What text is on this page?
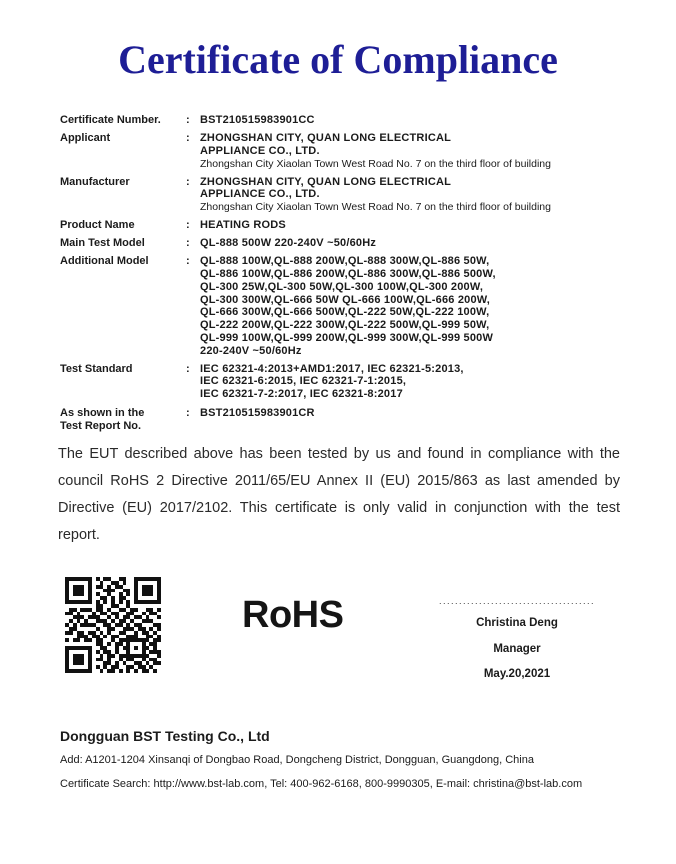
Certificate of Compliance
Certificate Number.	: BST210515983901CC
Applicant	: ZHONGSHAN CITY, QUAN LONG ELECTRICAL
APPLIANCE CO., LTD.
Zhongshan City Xiaolan Town West Road No. 7 on the third floor of building
Manufacturer	: ZHONGSHAN CITY, QUAN LONG ELECTRICAL
APPLIANCE CO., LTD.
Zhongshan City Xiaolan Town West Road No. 7 on the third floor of building
Product Name	: HEATING RODS
Main Test Model	: QL-888 500W 220-240V ~50/60Hz
Additional Model	: QL-888 100W,QL-888 200W,QL-888 300W,QL-886 50W,
QL-886 100W,QL-886 200W,QL-886 300W,QL-886 500W,
QL-300 25W,QL-300 50W,QL-300 100W,QL-300 200W,
QL-300 300W,QL-666 50W QL-666 100W,QL-666 200W,
QL-666 300W,QL-666 500W,QL-222 50W,QL-222 100W,
QL-222 200W,QL-222 300W,QL-222 500W,QL-999 50W,
QL-999 100W,QL-999 200W,QL-999 300W,QL-999 500W
220-240V ~50/60Hz
Test Standard	: IEC 62321-4:2013+AMD1:2017, IEC 62321-5:2013,
IEC 62321-6:2015, IEC 62321-7-1:2015,
IEC 62321-7-2:2017, IEC 62321-8:2017
As shown in the
Test Report No.
: BST210515983901CR
The EUT described above has been tested by us and found in compliance with the council RoHS 2 Directive 2011/65/EU Annex II (EU) 2015/863 as last amended by Directive (EU) 2017/2102. This certificate is only valid in conjunction with the test report.
RoHS	.......................................
Christina Deng
Manager
May.20,2021
Dongguan BST Testing Co., Ltd
Add: A1201-1204 Xinsanqi of Dongbao Road, Dongcheng District, Dongguan, Guangdong, China
Certificate Search: http://www.bst-lab.com, Tel: 400-962-6168, 800-9990305, E-mail: christina@bst-lab.com
